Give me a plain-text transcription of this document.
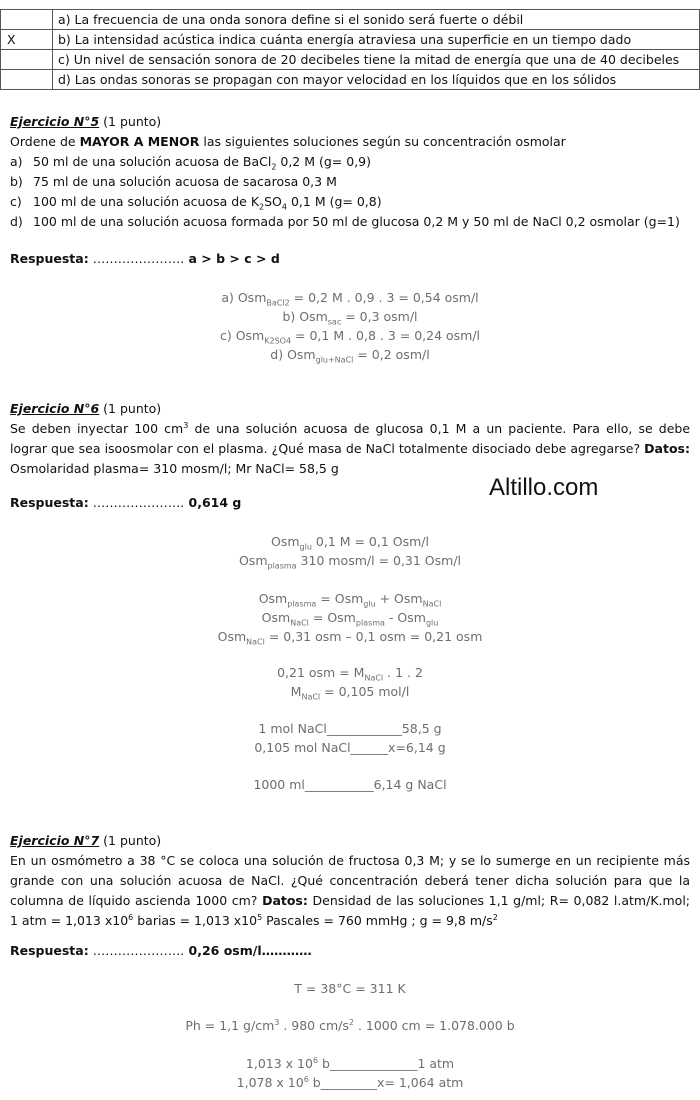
	a) La frecuencia de una onda sonora define si el sonido será fuerte o débil
X	b) La intensidad acústica indica cuánta energía atraviesa una superficie en un tiempo dado
	c) Un nivel de sensación sonora de 20 decibeles tiene la mitad de energía que una de 40 decibeles
	d) Las ondas sonoras se propagan con mayor velocidad en los líquidos que en los sólidos
Ejercicio N°5 (1 punto)
Ordene de MAYOR A MENOR las siguientes soluciones según su concentración osmolar
a) 50 ml de una solución acuosa de BaCl$_2$ 0,2 M (g= 0,9)
b) 75 ml de una solución acuosa de sacarosa 0,3 M
c) 100 ml de una solución acuosa de $K_2SO_4$ 0,1 M (g= 0,8)
d) 100 ml de una solución acuosa formada por 50 ml de glucosa 0,2 M y 50 ml de NaCl 0,2 osmolar (g=1)
Respuesta: …………………. a > b > c > d
a) Osm$_{BaCl2}$ = 0,2 M . 0,9 . 3 = 0,54 osm/l
b) Osm$_{sac}$ = 0,3 osm/l
c) Osm$_{K2SO4}$ = 0,1 M . 0,8 . 3 = 0,24 osm/l
d) Osm$_{glu+NaCl}$ = 0,2 osm/l
Ejercicio N°6 (1 punto)
Se deben inyectar 100 $cm^3$ de una solución acuosa de glucosa 0,1 M a un paciente. Para ello, se debe lograr que sea isoosmolar con el plasma. ¿Qué masa de NaCl totalmente disociado debe agregarse? Datos: Osmolaridad plasma= 310 mosm/l; Mr NaCl= 58,5 g
Altillo.com
Respuesta: …………………. 0,614 g
Osm$_{glu}$ 0,1 M = 0,1 Osm/l
Osm$_{plasma}$ 310 mosm/l = 0,31 Osm/l
Osm$_{plasma}$ = Osm$_{glu}$ + Osm$_{NaCl}$
Osm$_{NaCl}$ = Osm$_{plasma}$ - Osm$_{glu}$
Osm$_{NaCl}$ = 0,31 osm – 0,1 osm = 0,21 osm
0,21 osm = $M_{NaCl}$ . 1 . 2
$M_{NaCl} = 0,105$ mol/l
1 mol NaCl____________58,5 g
0,105 mol NaCl______x=6,14 g
1000 ml___________6,14 g NaCl
Ejercicio N°7 (1 punto)
En un osmómetro a 38 °C se coloca una solución de fructosa 0,3 M; y se lo sumerge en un recipiente más grande con una solución acuosa de NaCl. ¿Qué concentración deberá tener dicha solución para que la columna de líquido ascienda 1000 cm? Datos: Densidad de las soluciones 1,1 g/ml; R= 0,082 l.atm/K.mol; 1 atm = 1,013 $x10^6$ barias = 1,013 $x10^5$ Pascales = 760 mmHg ; g = 9,8 $m/s^2$
Respuesta: …………………. 0,26 osm/l…………
T = 38°C = 311 K
Ph = 1,1 $g/cm^3$ . 980 $cm/s^2$ . 1000 cm = 1.078.000 b
1,013 x $10^6$ b______________1 atm
1,078 x $10^6$ b_________x= 1,064 atm
